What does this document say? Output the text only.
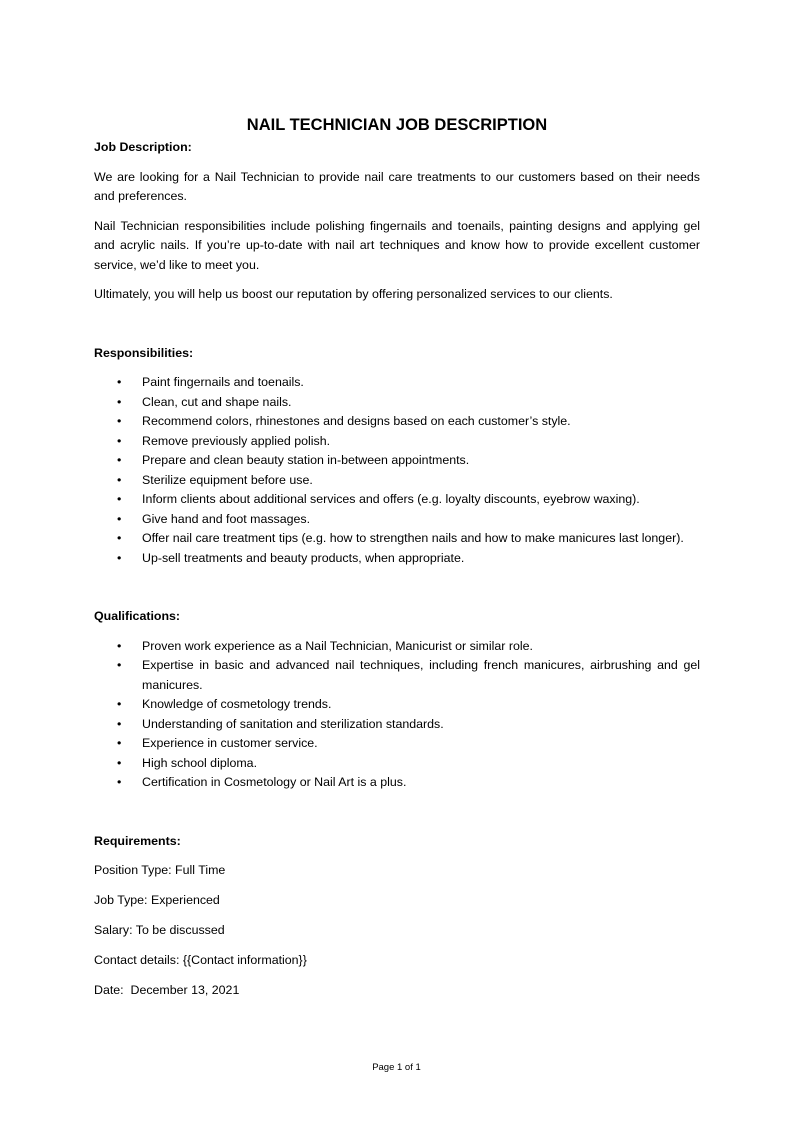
NAIL TECHNICIAN JOB DESCRIPTION
Job Description:

We are looking for a Nail Technician to provide nail care treatments to our customers based on their needs and preferences.

Nail Technician responsibilities include polishing fingernails and toenails, painting designs and applying gel and acrylic nails. If you’re up-to-date with nail art techniques and know how to provide excellent customer service, we’d like to meet you.

Ultimately, you will help us boost our reputation by offering personalized services to our clients.

Responsibilities:
• Paint fingernails and toenails.
• Clean, cut and shape nails.
• Recommend colors, rhinestones and designs based on each customer’s style.
• Remove previously applied polish.
• Prepare and clean beauty station in-between appointments.
• Sterilize equipment before use.
• Inform clients about additional services and offers (e.g. loyalty discounts, eyebrow waxing).
• Give hand and foot massages.
• Offer nail care treatment tips (e.g. how to strengthen nails and how to make manicures last longer).
• Up-sell treatments and beauty products, when appropriate.
Qualifications:
• Proven work experience as a Nail Technician, Manicurist or similar role.
• Expertise in basic and advanced nail techniques, including french manicures, airbrushing and gel manicures.
• Knowledge of cosmetology trends.
• Understanding of sanitation and sterilization standards.
• Experience in customer service.
• High school diploma.
• Certification in Cosmetology or Nail Art is a plus.
Requirements:
Position Type: Full Time
Job Type: Experienced
Salary: To be discussed
Contact details: {{Contact information}}
Date:  December 13, 2021
Page 1 of 1
